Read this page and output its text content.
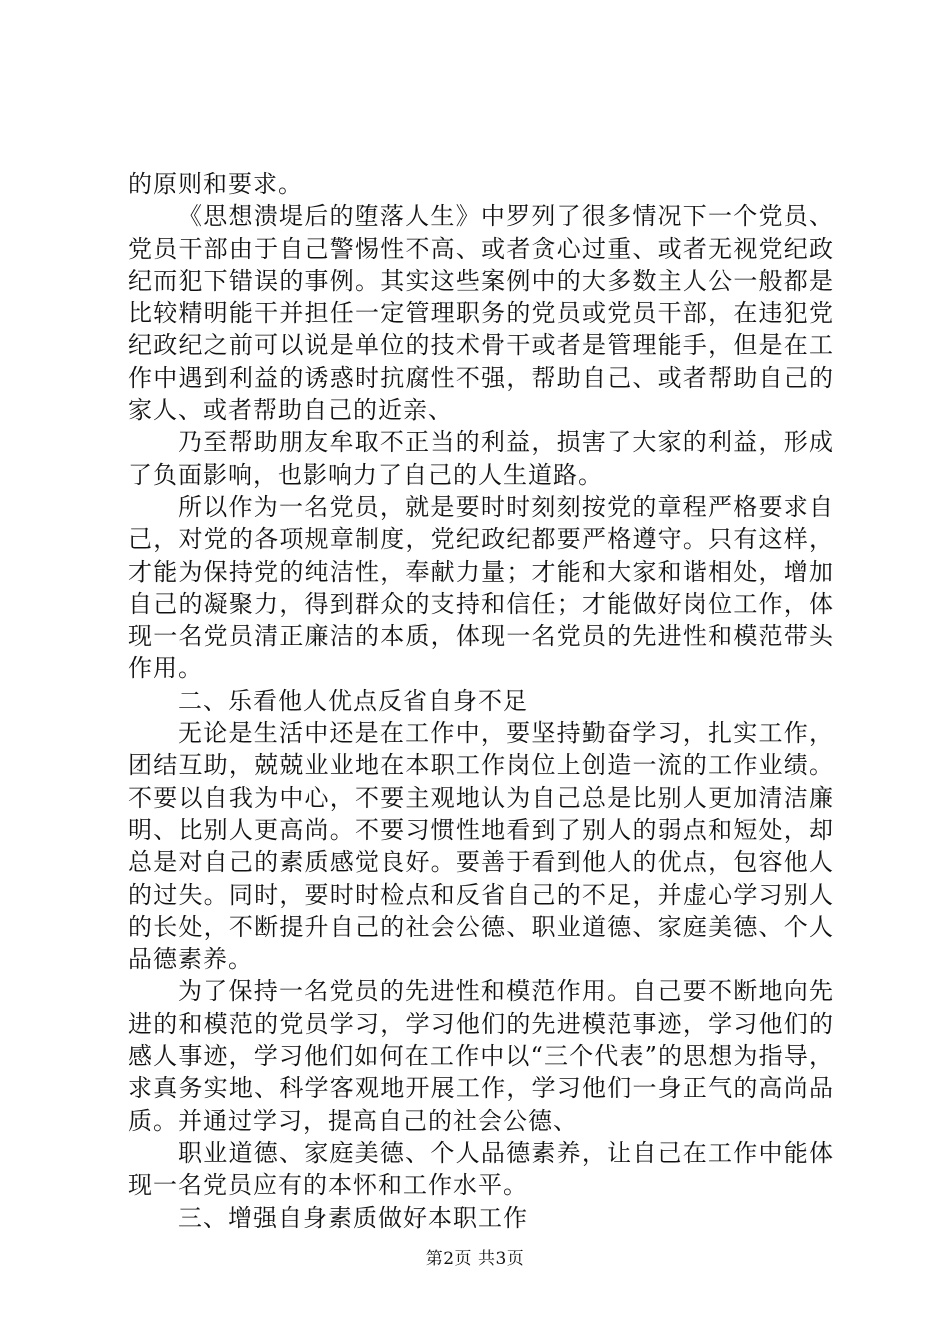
的原则和要求。

《思想溃堤后的堕落人生》中罗列了很多情况下一个党员、党员干部由于自己警惕性不高、或者贪心过重、或者无视党纪政纪而犯下错误的事例。其实这些案例中的大多数主人公一般都是比较精明能干并担任一定管理职务的党员或党员干部，在违犯党纪政纪之前可以说是单位的技术骨干或者是管理能手，但是在工作中遇到利益的诱惑时抗腐性不强，帮助自己、或者帮助自己的家人、或者帮助自己的近亲、

乃至帮助朋友牟取不正当的利益，损害了大家的利益，形成了负面影响，也影响力了自己的人生道路。

所以作为一名党员，就是要时时刻刻按党的章程严格要求自己，对党的各项规章制度，党纪政纪都要严格遵守。只有这样，才能为保持党的纯洁性，奉献力量；才能和大家和谐相处，增加自己的凝聚力，得到群众的支持和信任；才能做好岗位工作，体现一名党员清正廉洁的本质，体现一名党员的先进性和模范带头作用。

二、乐看他人优点反省自身不足

无论是生活中还是在工作中，要坚持勤奋学习，扎实工作，团结互助，兢兢业业地在本职工作岗位上创造一流的工作业绩。不要以自我为中心，不要主观地认为自己总是比别人更加清洁廉明、比别人更高尚。不要习惯性地看到了别人的弱点和短处，却总是对自己的素质感觉良好。要善于看到他人的优点，包容他人的过失。同时，要时时检点和反省自己的不足，并虚心学习别人的长处，不断提升自己的社会公德、职业道德、家庭美德、个人品德素养。

为了保持一名党员的先进性和模范作用。自己要不断地向先进的和模范的党员学习，学习他们的先进模范事迹，学习他们的感人事迹，学习他们如何在工作中以“三个代表”的思想为指导，求真务实地、科学客观地开展工作，学习他们一身正气的高尚品质。并通过学习，提高自己的社会公德、

职业道德、家庭美德、个人品德素养，让自己在工作中能体现一名党员应有的本怀和工作水平。

三、增强自身素质做好本职工作

第2页 共3页
